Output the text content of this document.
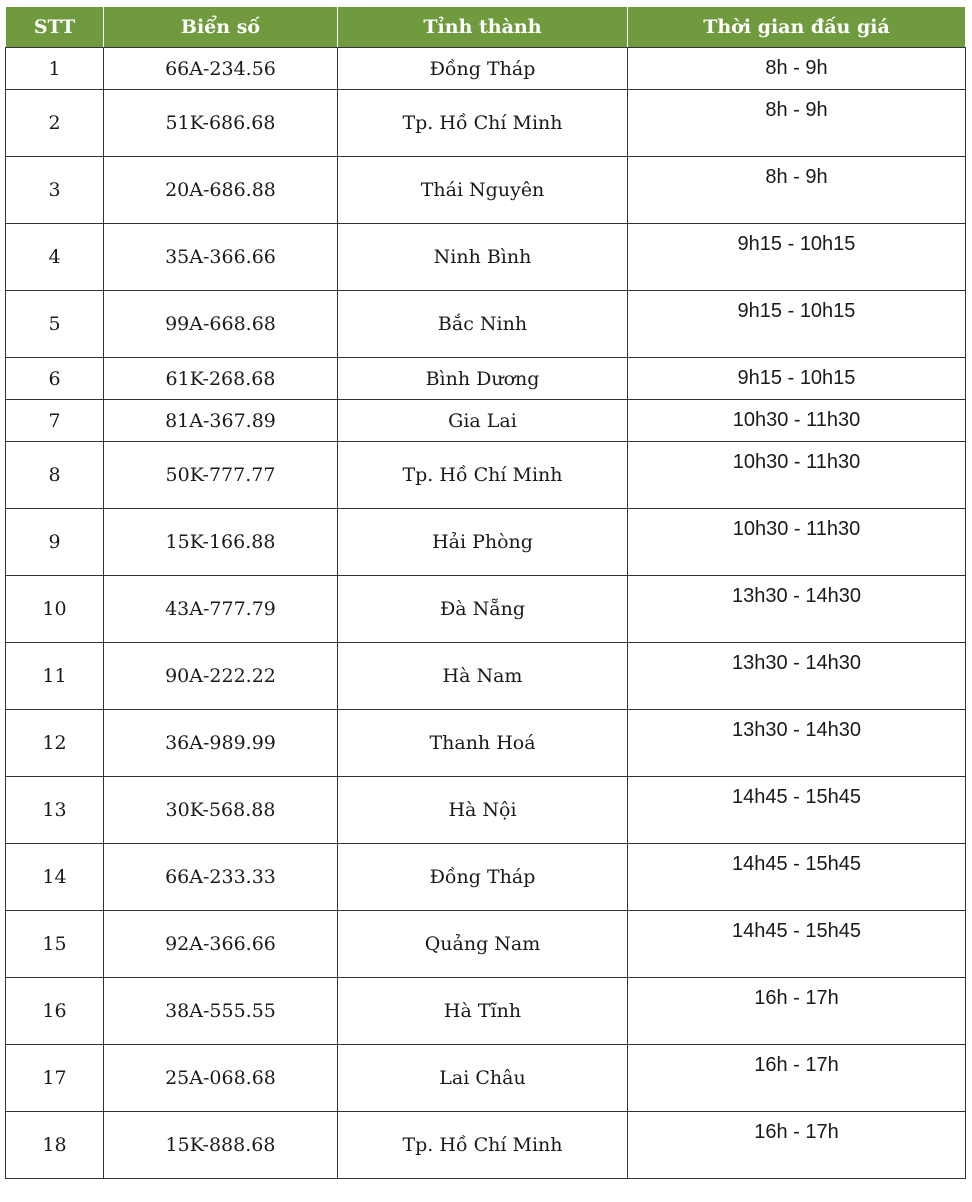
STT	Biển số	Tỉnh thành	Thời gian đấu giá
1	66A-234.56	Đồng Tháp	8h - 9h
2	51K-686.68	Tp. Hồ Chí Minh	8h - 9h
3	20A-686.88	Thái Nguyên	8h - 9h
4	35A-366.66	Ninh Bình	9h15 - 10h15
5	99A-668.68	Bắc Ninh	9h15 - 10h15
6	61K-268.68	Bình Dương	9h15 - 10h15
7	81A-367.89	Gia Lai	10h30 - 11h30
8	50K-777.77	Tp. Hồ Chí Minh	10h30 - 11h30
9	15K-166.88	Hải Phòng	10h30 - 11h30
10	43A-777.79	Đà Nẵng	13h30 - 14h30
11	90A-222.22	Hà Nam	13h30 - 14h30
12	36A-989.99	Thanh Hoá	13h30 - 14h30
13	30K-568.88	Hà Nội	14h45 - 15h45
14	66A-233.33	Đồng Tháp	14h45 - 15h45
15	92A-366.66	Quảng Nam	14h45 - 15h45
16	38A-555.55	Hà Tĩnh	16h - 17h
17	25A-068.68	Lai Châu	16h - 17h
18	15K-888.68	Tp. Hồ Chí Minh	16h - 17h
